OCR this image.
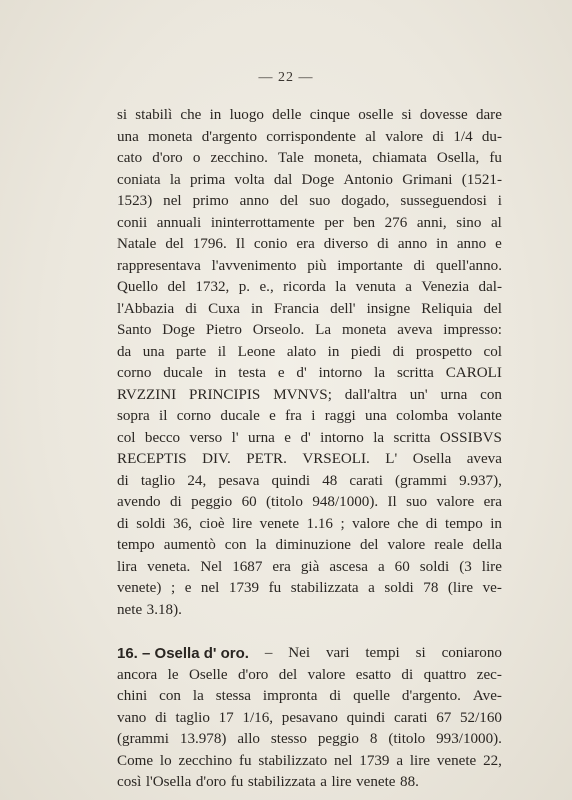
— 22 —
si stabilì che in luogo delle cinque oselle si dovesse dare
una moneta d'argento corrispondente al valore di 1/4 du-
cato d'oro o zecchino. Tale moneta, chiamata Osella, fu
coniata la prima volta dal Doge Antonio Grimani (1521-
1523) nel primo anno del suo dogado, susseguendosi i
conii annuali ininterrottamente per ben 276 anni, sino al
Natale del 1796. Il conio era diverso di anno in anno e
rappresentava l'avvenimento più importante di quell'anno.
Quello del 1732, p. e., ricorda la venuta a Venezia dal-
l'Abbazia di Cuxa in Francia dell' insigne Reliquia del
Santo Doge Pietro Orseolo. La moneta aveva impresso:
da una parte il Leone alato in piedi di prospetto col
corno ducale in testa e d' intorno la scritta CAROLI
RVZZINI PRINCIPIS MVNVS; dall'altra un' urna con
sopra il corno ducale e fra i raggi una colomba volante
col becco verso l' urna e d' intorno la scritta OSSIBVS
RECEPTIS DIV. PETR. VRSEOLI. L' Osella aveva
di taglio 24, pesava quindi 48 carati (grammi 9.937),
avendo di peggio 60 (titolo 948/1000). Il suo valore era
di soldi 36, cioè lire venete 1.16 ; valore che di tempo in
tempo aumentò con la diminuzione del valore reale della
lira veneta. Nel 1687 era già ascesa a 60 soldi (3 lire
venete) ; e nel 1739 fu stabilizzata a soldi 78 (lire ve-
nete 3.18).
16. – Osella d' oro. – Nei vari tempi si coniarono
ancora le Oselle d'oro del valore esatto di quattro zec-
chini con la stessa impronta di quelle d'argento. Ave-
vano di taglio 17 1/16, pesavano quindi carati 67 52/160
(grammi 13.978) allo stesso peggio 8 (titolo 993/1000).
Come lo zecchino fu stabilizzato nel 1739 a lire venete 22,
così l'Osella d'oro fu stabilizzata a lire venete 88.
